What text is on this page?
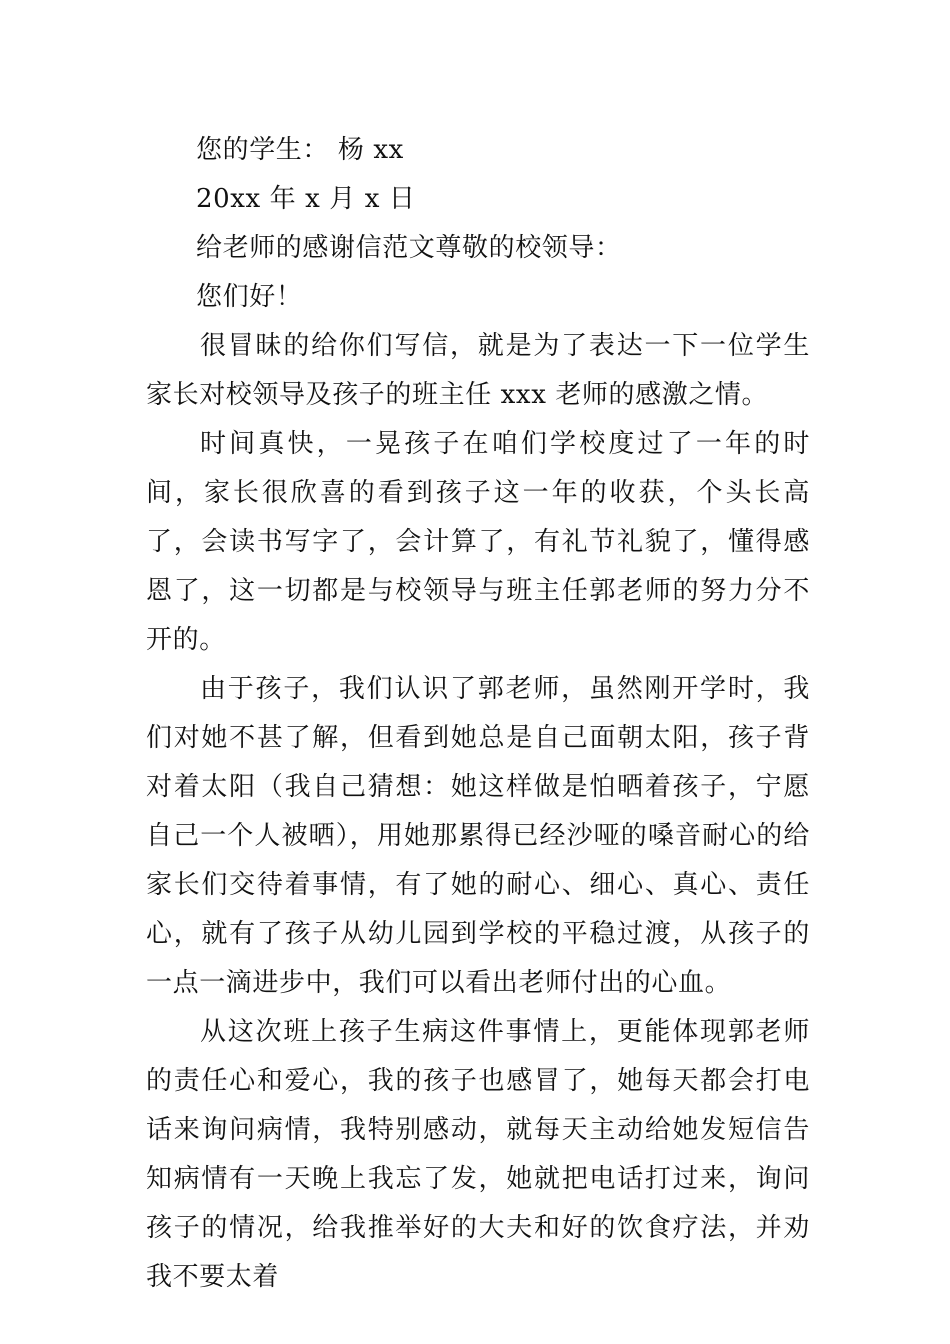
您的学生： 杨 xx
20xx 年 x 月 x 日
给老师的感谢信范文尊敬的校领导：
您们好！

很冒昧的给你们写信，就是为了表达一下一位学生家长对校领导及孩子的班主任 xxx 老师的感激之情。

时间真快，一晃孩子在咱们学校度过了一年的时间，家长很欣喜的看到孩子这一年的收获，个头长高了，会读书写字了，会计算了，有礼节礼貌了，懂得感恩了，这一切都是与校领导与班主任郭老师的努力分不开的。

由于孩子，我们认识了郭老师，虽然刚开学时，我们对她不甚了解，但看到她总是自己面朝太阳，孩子背对着太阳（我自己猜想：她这样做是怕晒着孩子，宁愿自己一个人被晒），用她那累得已经沙哑的嗓音耐心的给家长们交待着事情，有了她的耐心、细心、真心、责任心，就有了孩子从幼儿园到学校的平稳过渡，从孩子的一点一滴进步中，我们可以看出老师付出的心血。

从这次班上孩子生病这件事情上，更能体现郭老师的责任心和爱心，我的孩子也感冒了，她每天都会打电话来询问病情，我特别感动，就每天主动给她发短信告知病情有一天晚上我忘了发，她就把电话打过来，询问孩子的情况，给我推举好的大夫和好的饮食疗法，并劝我不要太着
